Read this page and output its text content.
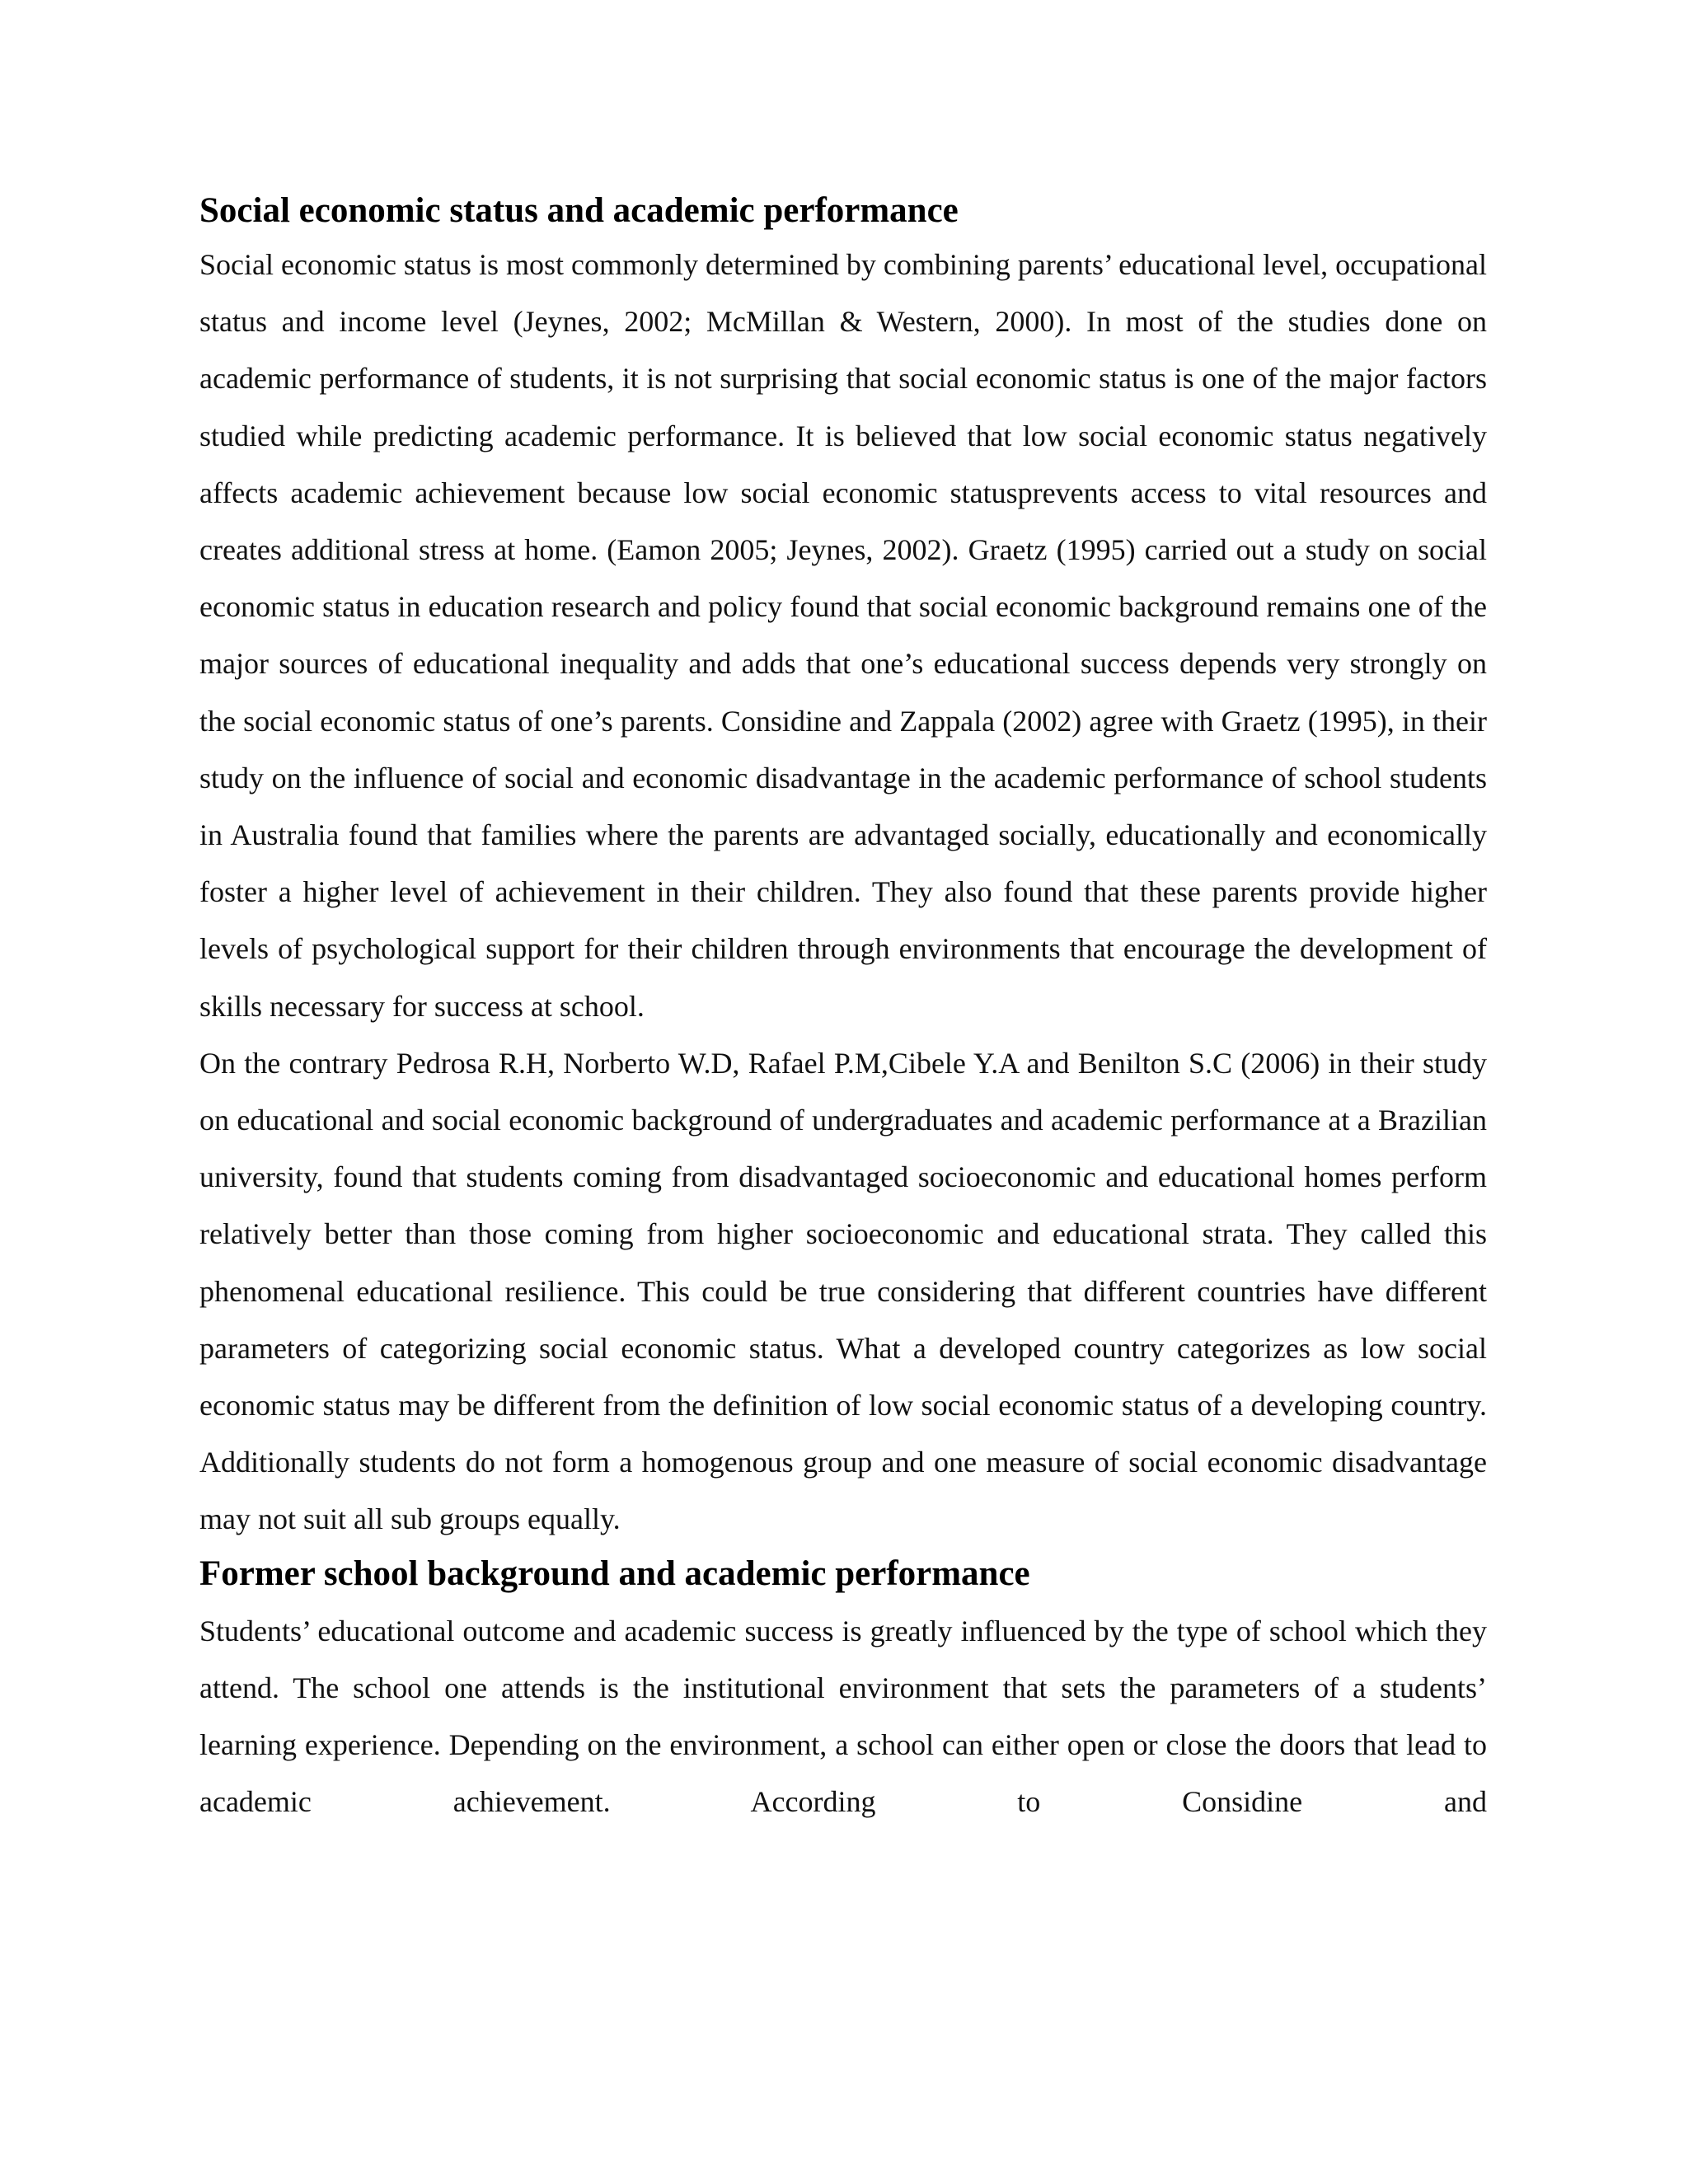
Social economic status and academic performance

Social economic status is most commonly determined by combining parents’ educational level, occupational status and income level (Jeynes, 2002; McMillan & Western, 2000). In most of the studies done on academic performance of students, it is not surprising that social economic status is one of the major factors studied while predicting academic performance. It is believed that low social economic status negatively affects academic achievement because low social economic statusprevents access to vital resources and creates additional stress at home. (Eamon 2005; Jeynes, 2002). Graetz (1995) carried out a study on social economic status in education research and policy found that social economic background remains one of the major sources of educational inequality and adds that one’s educational success depends very strongly on the social economic status of one’s parents. Considine and Zappala (2002) agree with Graetz (1995), in their study on the influence of social and economic disadvantage in the academic performance of school students in Australia found that families where the parents are advantaged socially, educationally and economically foster a higher level of achievement in their children. They also found that these parents provide higher levels of psychological support for their children through environments that encourage the development of skills necessary for success at school.

On the contrary Pedrosa R.H, Norberto W.D, Rafael P.M,Cibele Y.A and Benilton S.C (2006) in their study on educational and social economic background of undergraduates and academic performance at a Brazilian university, found that students coming from disadvantaged socioeconomic and educational homes perform relatively better than those coming from higher socioeconomic and educational strata. They called this phenomenal educational resilience. This could be true considering that different countries have different parameters of categorizing social economic status. What a developed country categorizes as low social economic status may be different from the definition of low social economic status of a developing country. Additionally students do not form a homogenous group and one measure of social economic disadvantage may not suit all sub groups equally.

Former school background and academic performance

Students’ educational outcome and academic success is greatly influenced by the type of school which they attend. The school one attends is the institutional environment that sets the parameters of a students’ learning experience. Depending on the environment, a school can either open or close the doors that lead to academic achievement. According to Considine and
